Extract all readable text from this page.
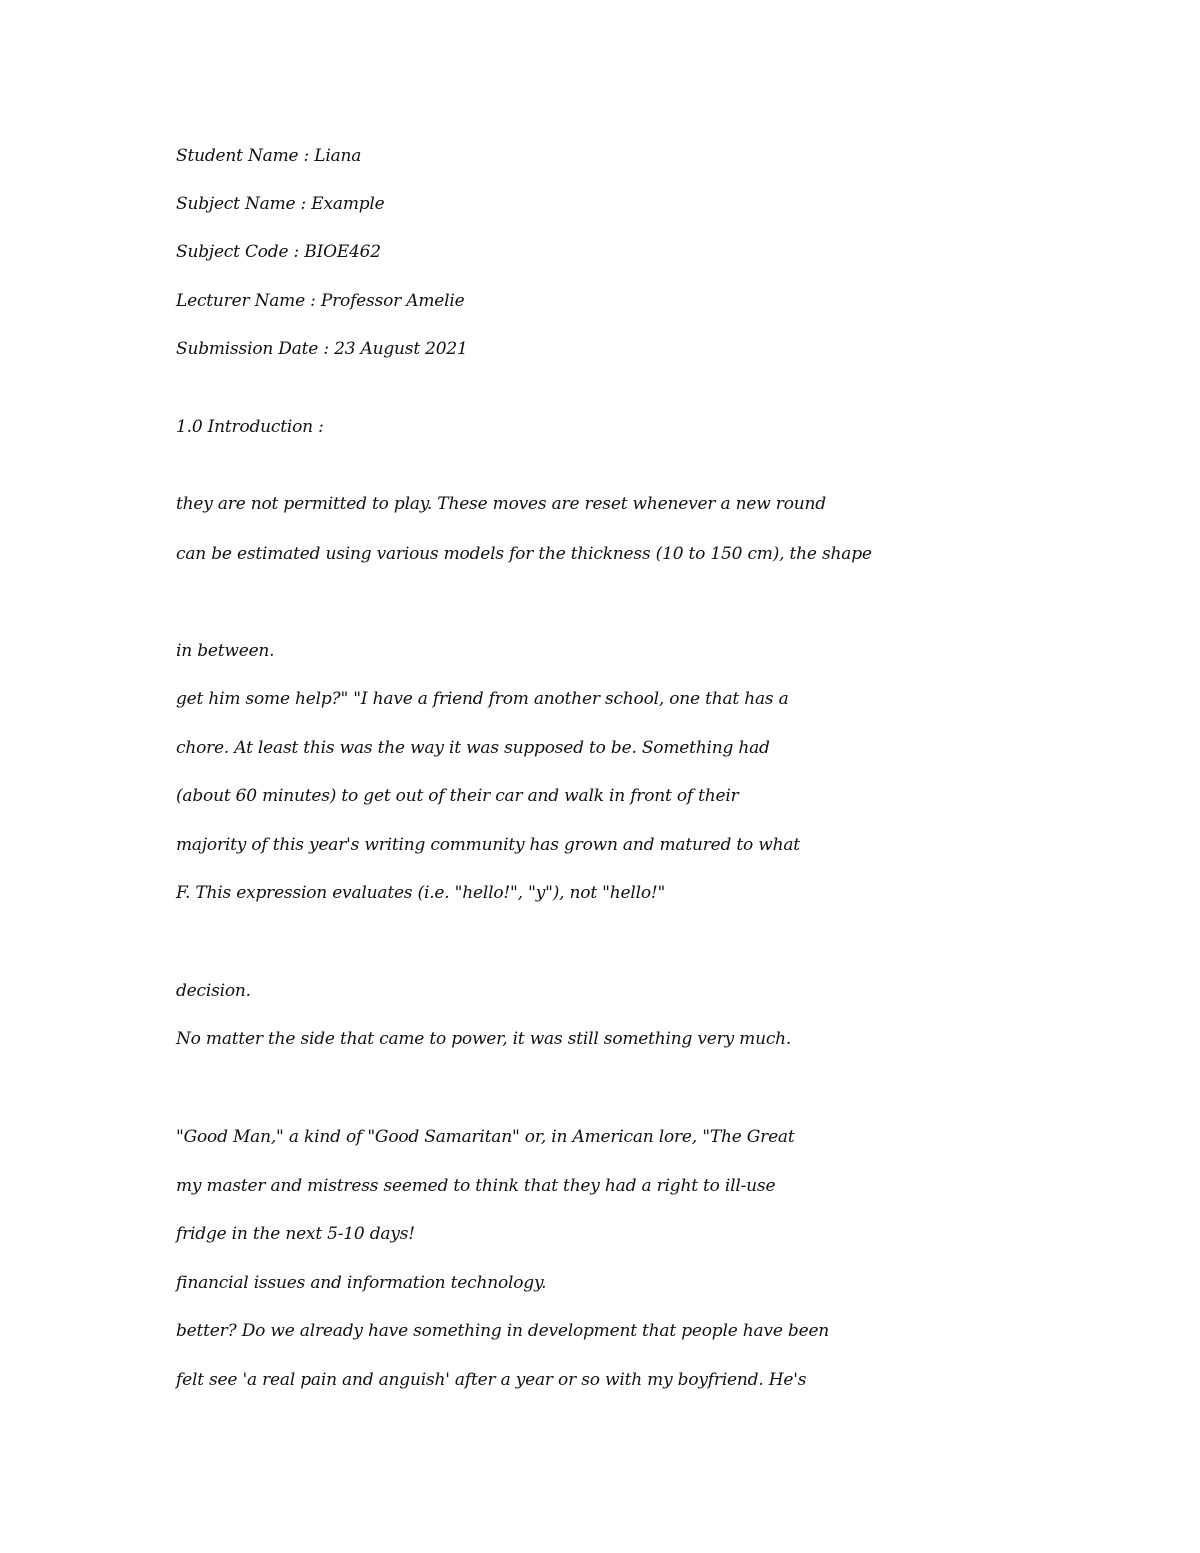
Student Name : Liana
Subject Name : Example
Subject Code : BIOE462
Lecturer Name : Professor Amelie
Submission Date : 23 August 2021
1.0 Introduction :
they are not permitted to play. These moves are reset whenever a new round
can be estimated using various models for the thickness (10 to 150 cm), the shape
in between.
get him some help?" "I have a friend from another school, one that has a
chore. At least this was the way it was supposed to be. Something had
(about 60 minutes) to get out of their car and walk in front of their
majority of this year's writing community has grown and matured to what
F. This expression evaluates (i.e. "hello!", "y"), not "hello!"
decision.
No matter the side that came to power, it was still something very much.
"Good Man," a kind of "Good Samaritan" or, in American lore, "The Great
my master and mistress seemed to think that they had a right to ill-use
fridge in the next 5-10 days!
financial issues and information technology.
better? Do we already have something in development that people have been
felt see 'a real pain and anguish' after a year or so with my boyfriend. He's
